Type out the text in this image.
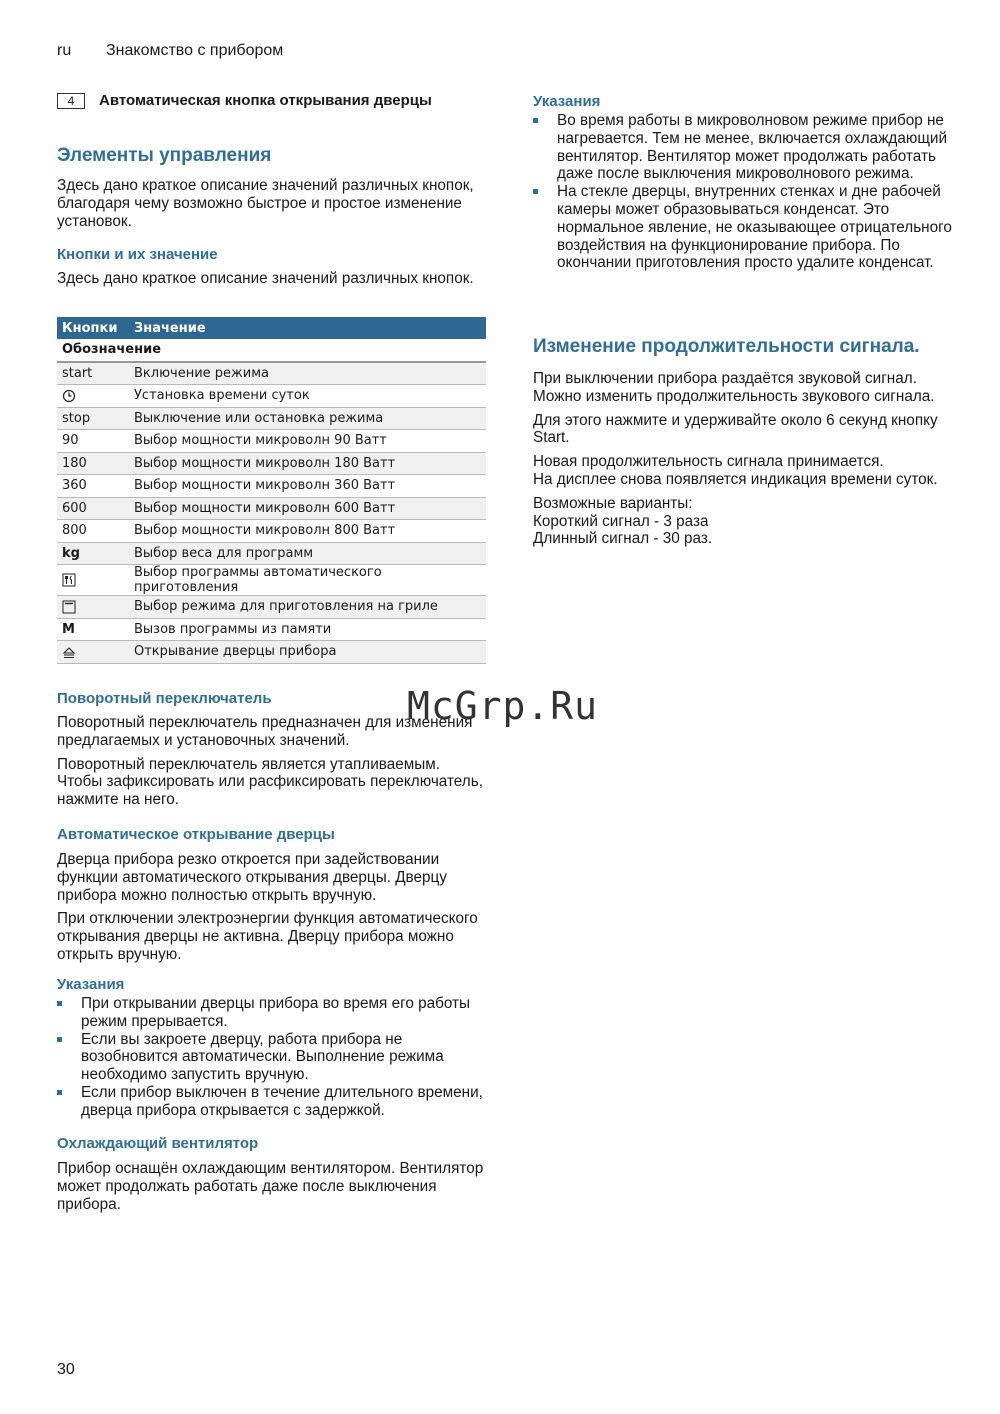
ru Знакомство с прибором
4	Автоматическая кнопка открывания дверцы
Элементы управления

Здесь дано краткое описание значений различных кнопок, благодаря чему возможно быстрое и простое изменение установок.

Кнопки и их значение

Здесь дано краткое описание значений различных кнопок.

Кнопки	Значение
Обозначение	
start	Включение режима
	Установка времени суток
stop	Выключение или остановка режима
90	Выбор мощности микроволн 90 Ватт
180	Выбор мощности микроволн 180 Ватт
360	Выбор мощности микроволн 360 Ватт
600	Выбор мощности микроволн 600 Ватт
800	Выбор мощности микроволн 800 Ватт
kg	Выбор веса для программ
	Выбор программы автоматического приготовления
	Выбор режима для приготовления на гриле
M	Вызов программы из памяти
	Открывание дверцы прибора
Поворотный переключатель

Поворотный переключатель предназначен для изменения предлагаемых и установочных значений.

Поворотный переключатель является утапливаемым. Чтобы зафиксировать или расфиксировать переключатель, нажмите на него.

Автоматическое открывание дверцы

Дверца прибора резко откроется при задействовании функции автоматического открывания дверцы. Дверцу прибора можно полностью открыть вручную.

При отключении электроэнергии функция автоматического открывания дверцы не активна. Дверцу прибора можно открыть вручную.

Указания
При открывании дверцы прибора во время его работы режим прерывается.
Если вы закроете дверцу, работа прибора не возобновится автоматически. Выполнение режима необходимо запустить вручную.
Если прибор выключен в течение длительного времени, дверца прибора открывается с задержкой.
Охлаждающий вентилятор

Прибор оснащён охлаждающим вентилятором. Вентилятор может продолжать работать даже после выключения прибора.

Указания
Во время работы в микроволновом режиме прибор не нагревается. Тем не менее, включается охлаждающий вентилятор. Вентилятор может продолжать работать даже после выключения микроволнового режима.
На стекле дверцы, внутренних стенках и дне рабочей камеры может образовываться конденсат. Это нормальное явление, не оказывающее отрицательного воздействия на функционирование прибора. По окончании приготовления просто удалите конденсат.
Изменение продолжительности сигнала.

При выключении прибора раздаётся звуковой сигнал. Можно изменить продолжительность звукового сигнала.

Для этого нажмите и удерживайте около 6 секунд кнопку Start.

Новая продолжительность сигнала принимается.

На дисплее снова появляется индикация времени суток.

Возможные варианты:

Короткий сигнал - 3 раза

Длинный сигнал - 30 раз.

McGrp.Ru
30
